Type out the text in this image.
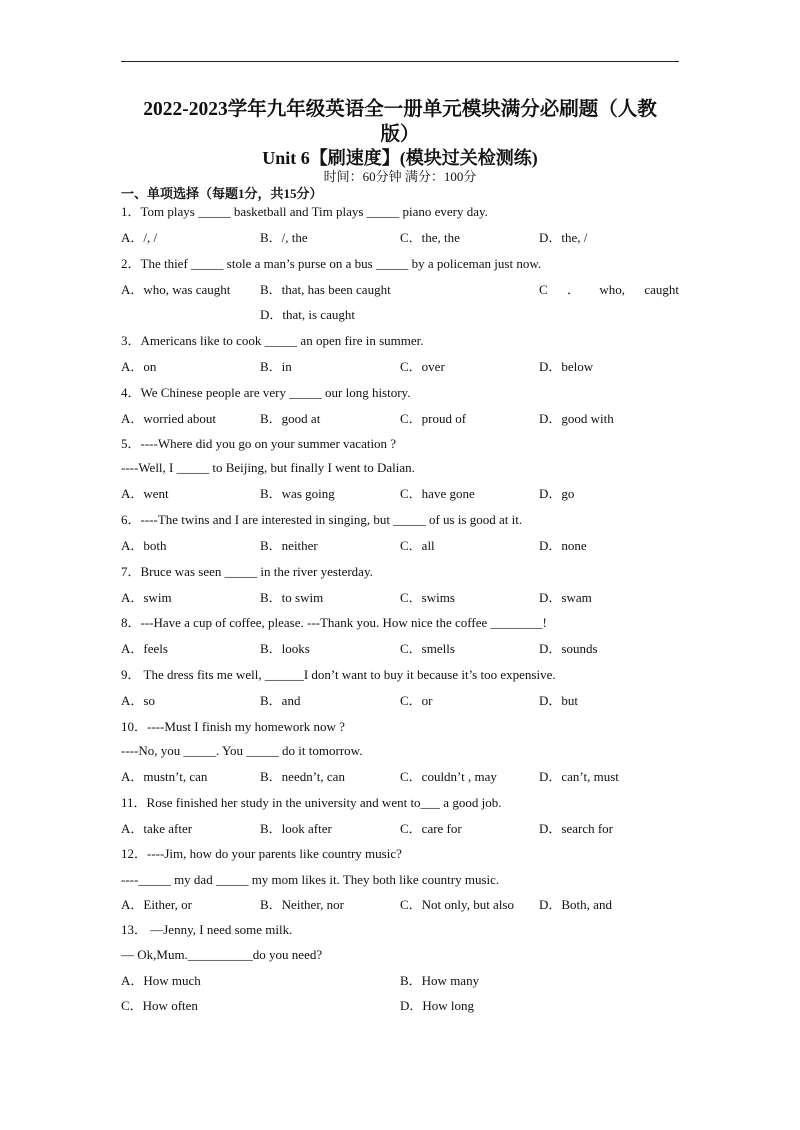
2022-2023学年九年级英语全一册单元模块满分必刷题（人教
版）
Unit 6【刷速度】(模块过关检测练)
时间：60分钟 满分：100分
一、单项选择（每题1分，共15分）
1．Tom plays _____ basketball and Tim plays _____ piano every day.
A．/, /	B．/, the	C．the, the	D．the, /
2．The thief _____ stole a man’s purse on a bus _____ by a policeman just now.
A．who, was caught B．that, has been caught	C ． who, caught
D．that, is caught
3．Americans like to cook _____ an open fire in summer.
A．on	B．in	C．over	D．below
4．We Chinese people are very _____ our long history.
A．worried about	B．good at	C．proud of	D．good with
5．----Where did you go on your summer vacation ?
----Well, I _____ to Beijing, but finally I went to Dalian.
A．went	B．was going	C．have gone	D．go
6．----The twins and I are interested in singing, but _____ of us is good at it.
A．both	B．neither	C．all	D．none
7．Bruce was seen _____ in the river yesterday.
A．swim	B．to swim	C．swims	D．swam
8．---Have a cup of coffee, please. ---Thank you. How nice the coffee ________!
A．feels	B．looks	C．smells	D．sounds
9． The dress fits me well, ______I don’t want to buy it because it’s too expensive.
A．so	B．and	C．or	D．but
10．----Must I finish my homework now ?
----No, you _____. You _____ do it tomorrow.
A．mustn’t, can	B．needn’t, can	C．couldn’t , may	D．can’t, must
11．Rose finished her study in the university and went to___ a good job.
A．take after	B．look after	C．care for	D．search for
12．----Jim, how do your parents like country music?
----_____ my dad _____ my mom likes it. They both like country music.
A．Either, or	B．Neither, nor	C．Not only, but also D．Both, and
13． —Jenny, I need some milk.
— Ok,Mum.__________do you need?
A．How much	B．How many
C．How often	D．How long
